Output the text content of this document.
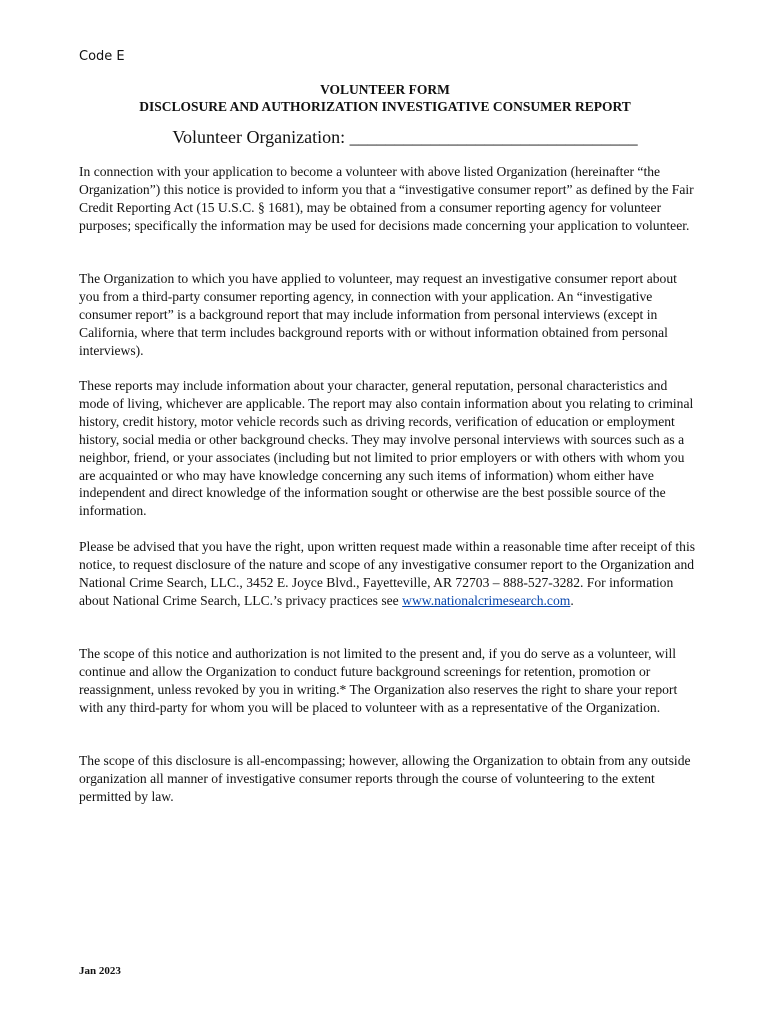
Code E
VOLUNTEER FORM
DISCLOSURE AND AUTHORIZATION INVESTIGATIVE CONSUMER REPORT
Volunteer Organization: ________________________________

In connection with your application to become a volunteer with above listed Organization (hereinafter “the Organization”) this notice is provided to inform you that a “investigative consumer report” as defined by the Fair Credit Reporting Act (15 U.S.C. § 1681), may be obtained from a consumer reporting agency for volunteer purposes; specifically the information may be used for decisions made concerning your application to volunteer.

The Organization to which you have applied to volunteer, may request an investigative consumer report about you from a third-party consumer reporting agency, in connection with your application. An “investigative consumer report” is a background report that may include information from personal interviews (except in California, where that term includes background reports with or without information obtained from personal interviews).

These reports may include information about your character, general reputation, personal characteristics and mode of living, whichever are applicable. The report may also contain information about you relating to criminal history, credit history, motor vehicle records such as driving records, verification of education or employment history, social media or other background checks. They may involve personal interviews with sources such as a neighbor, friend, or your associates (including but not limited to prior employers or with others with whom you are acquainted or who may have knowledge concerning any such items of information) whom either have independent and direct knowledge of the information sought or otherwise are the best possible source of the information.

Please be advised that you have the right, upon written request made within a reasonable time after receipt of this notice, to request disclosure of the nature and scope of any investigative consumer report to the Organization and National Crime Search, LLC., 3452 E. Joyce Blvd., Fayetteville, AR 72703 – 888-527-3282. For information about National Crime Search, LLC.’s privacy practices see www.nationalcrimesearch.com.

The scope of this notice and authorization is not limited to the present and, if you do serve as a volunteer, will continue and allow the Organization to conduct future background screenings for retention, promotion or reassignment, unless revoked by you in writing.* The Organization also reserves the right to share your report with any third-party for whom you will be placed to volunteer with as a representative of the Organization.

The scope of this disclosure is all-encompassing; however, allowing the Organization to obtain from any outside organization all manner of investigative consumer reports through the course of volunteering to the extent permitted by law.

Jan 2023
